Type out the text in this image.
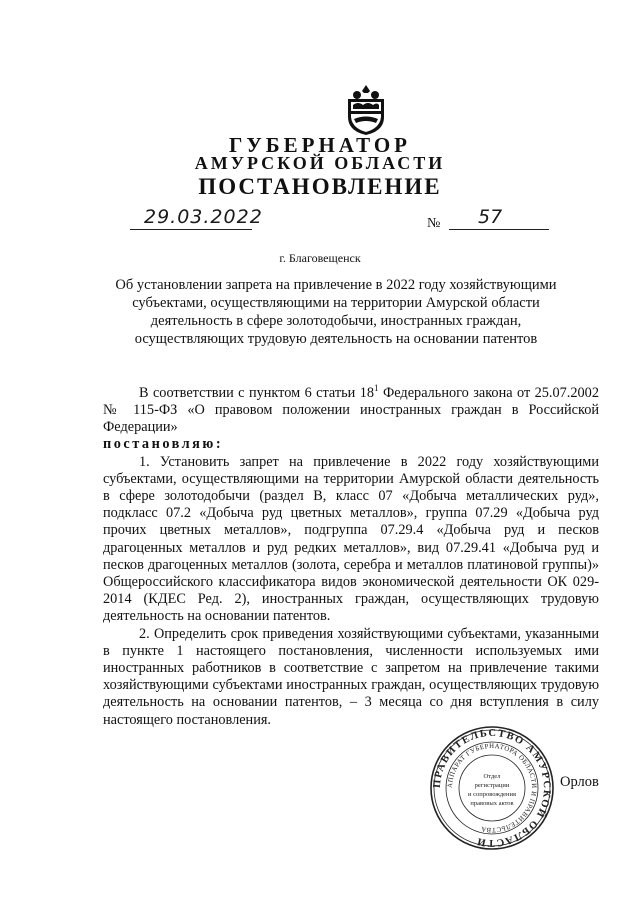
ГУБЕРНАТОР
АМУРСКОЙ ОБЛАСТИ
ПОСТАНОВЛЕНИЕ
29.03.2022	№ 57
г. Благовещенск
Об установлении запрета на привлечение в 2022 году хозяйствующими
субъектами, осуществляющими на территории Амурской области
деятельность в сфере золотодобычи, иностранных граждан,
осуществляющих трудовую деятельность на основании патентов

В соответствии с пунктом 6 статьи $18^1$ Федерального закона от 25.07.2002 № 115-ФЗ «О правовом положении иностранных граждан в Российской Федерации»

постановляю:

1. Установить запрет на привлечение в 2022 году хозяйствующими субъектами, осуществляющими на территории Амурской области деятельность в сфере золотодобычи (раздел B, класс 07 «Добыча металлических руд», подкласс 07.2 «Добыча руд цветных металлов», группа 07.29 «Добыча руд прочих цветных металлов», подгруппа 07.29.4 «Добыча руд и песков драгоценных металлов и руд редких металлов», вид 07.29.41 «Добыча руд и песков драгоценных металлов (золота, серебра и металлов платиновой группы)» Общероссийского классификатора видов экономической деятельности ОК 029-2014 (КДЕС Ред. 2), иностранных граждан, осуществляющих трудовую деятельность на основании патентов.

2. Определить срок приведения хозяйствующими субъектами, указанными в пункте 1 настоящего постановления, численности используемых ими иностранных работников в соответствие с запретом на привлечение такими хозяйствующими субъектами иностранных граждан, осуществляющих трудовую деятельность на основании патентов, – 3 месяца со дня вступления в силу настоящего постановления.

ПРАВИТЕЛЬСТВО АМУРСКОЙ ОБЛАСТИ
АППАРАТ ГУБЕРНАТОРА ОБЛАСТИ И ПРАВИТЕЛЬСТВА
Отдел
регистрации
и сопровождения
правовых актов
Орлов
